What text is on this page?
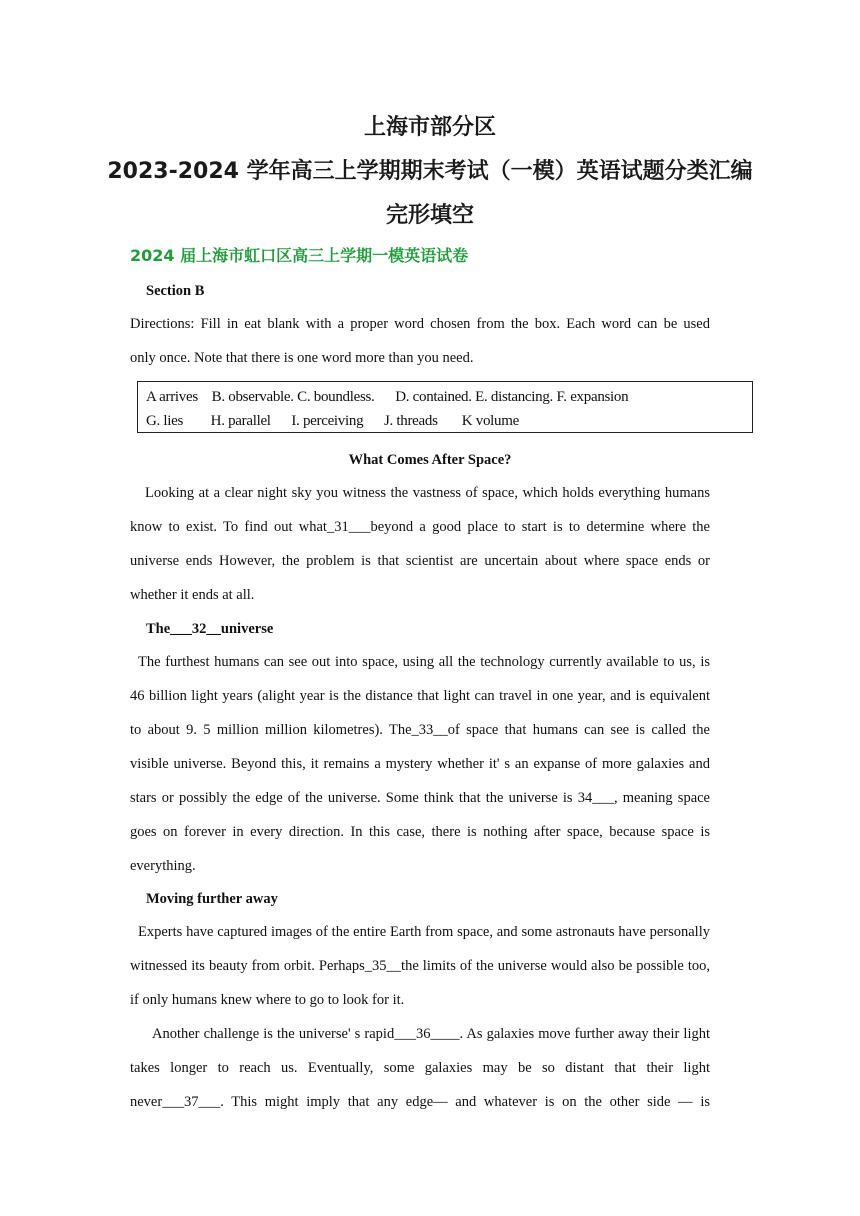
上海市部分区
2023-2024 学年高三上学期期末考试（一模）英语试题分类汇编
完形填空
2024 届上海市虹口区高三上学期一模英语试卷
Section B
Directions: Fill in eat blank with a proper word chosen from the box. Each word can be used
only once. Note that there is one word more than you need.
A arrives    B. observable. C. boundless.      D. contained. E. distancing. F. expansion
G. lies        H. parallel      I. perceiving      J. threads       K volume
What Comes After Space?
Looking at a clear night sky you witness the vastness of space, which holds everything humans know to exist. To find out what_31___beyond a good place to start is to determine where the universe ends However, the problem is that scientist are uncertain about where space ends or whether it ends at all.
The___32__universe
The furthest humans can see out into space, using all the technology currently available to us, is 46 billion light years (alight year is the distance that light can travel in one year, and is equivalent to about 9. 5 million million kilometres). The_33__of space that humans can see is called the visible universe. Beyond this, it remains a mystery whether it' s an expanse of more galaxies and stars or possibly the edge of the universe. Some think that the universe is 34___, meaning space goes on forever in every direction. In this case, there is nothing after space, because space is everything.
Moving further away
Experts have captured images of the entire Earth from space, and some astronauts have personally witnessed its beauty from orbit. Perhaps_35__the limits of the universe would also be possible too, if only humans knew where to go to look for it.
Another challenge is the universe' s rapid___36____. As galaxies move further away their light takes longer to reach us. Eventually, some galaxies may be so distant that their light never___37___. This might imply that any edge— and whatever is on the other side — is
